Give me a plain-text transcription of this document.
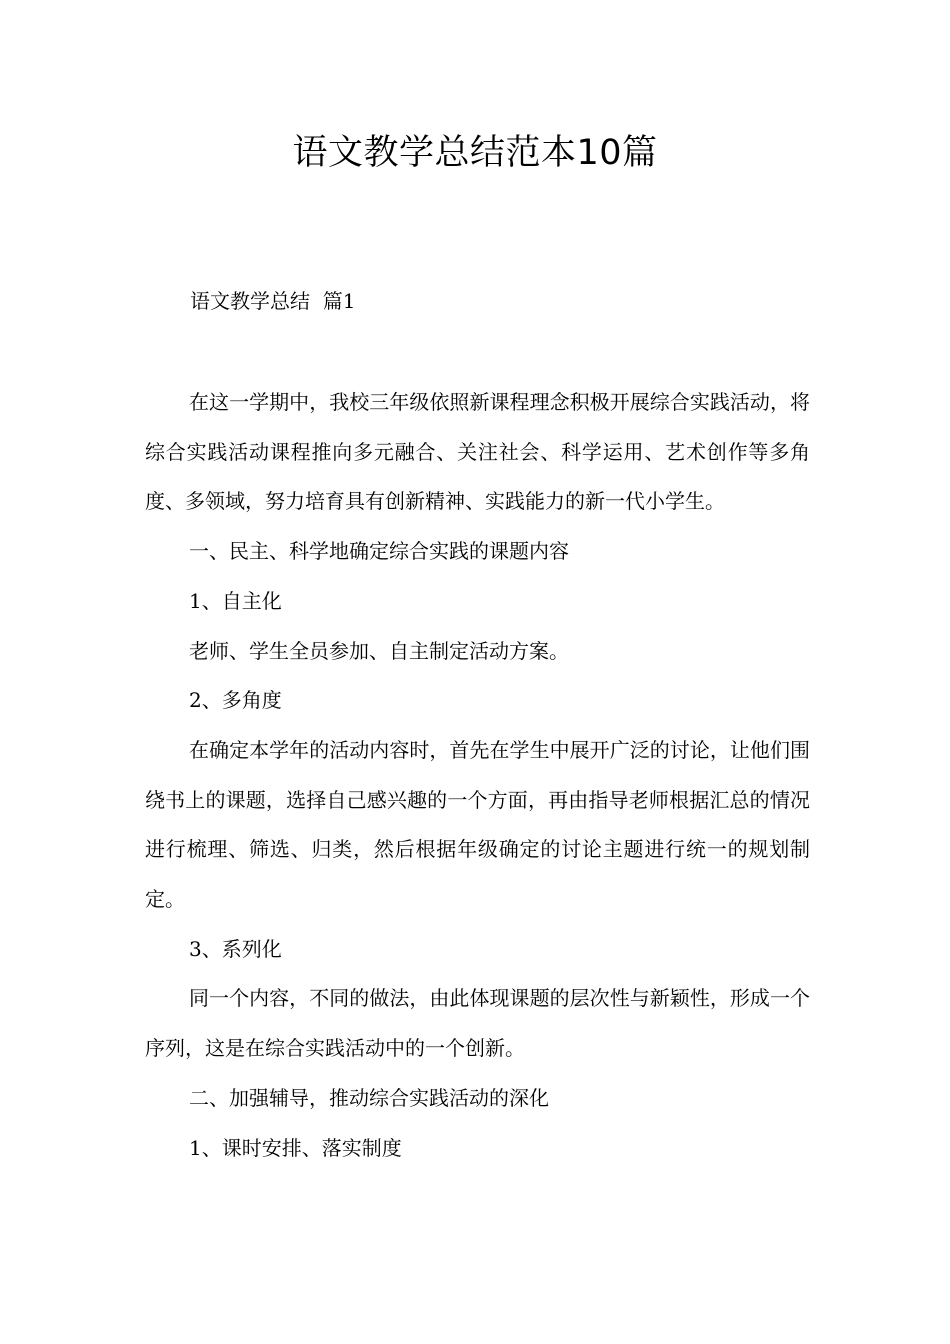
语文教学总结范本10篇
语文教学总结  篇1

在这一学期中，我校三年级依照新课程理念积极开展综合实践活动，将综合实践活动课程推向多元融合、关注社会、科学运用、艺术创作等多角度、多领域，努力培育具有创新精神、实践能力的新一代小学生。

一、民主、科学地确定综合实践的课题内容

1、自主化

老师、学生全员参加、自主制定活动方案。

2、多角度

在确定本学年的活动内容时，首先在学生中展开广泛的讨论，让他们围绕书上的课题，选择自己感兴趣的一个方面，再由指导老师根据汇总的情况进行梳理、筛选、归类，然后根据年级确定的讨论主题进行统一的规划制定。

3、系列化

同一个内容，不同的做法，由此体现课题的层次性与新颖性，形成一个序列，这是在综合实践活动中的一个创新。

二、加强辅导，推动综合实践活动的深化

1、课时安排、落实制度
